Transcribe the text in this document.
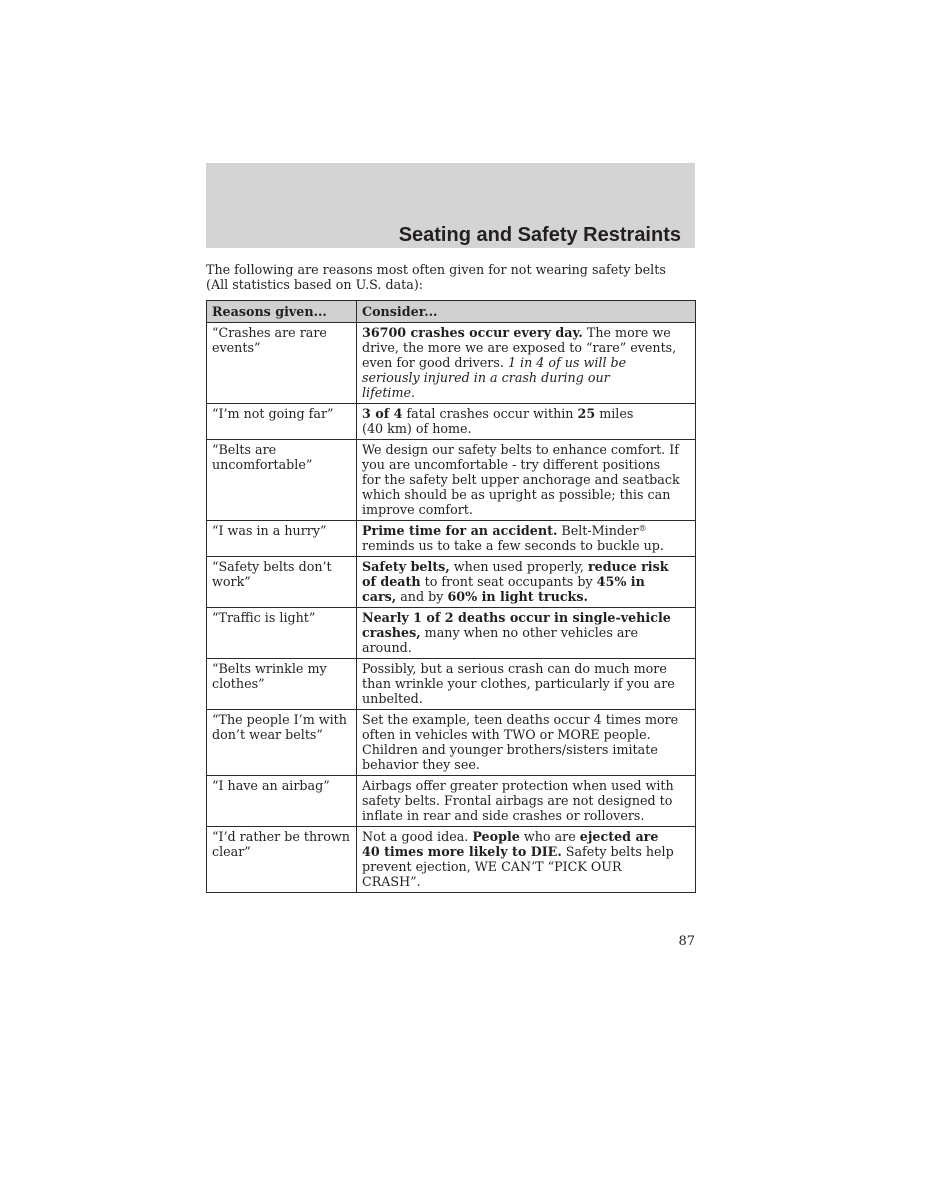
Seating and Safety Restraints
The following are reasons most often given for not wearing safety belts
(All statistics based on U.S. data):
Reasons given...	Consider...

“Crashes are rare
events”	36700 crashes occur every day. The more we
drive, the more we are exposed to “rare” events,
even for good drivers. 1 in 4 of us will be
seriously injured in a crash during our
lifetime.

“I’m not going far”	3 of 4 fatal crashes occur within 25 miles
(40 km) of home.

“Belts are
uncomfortable”	We design our safety belts to enhance comfort. If
you are uncomfortable - try different positions
for the safety belt upper anchorage and seatback
which should be as upright as possible; this can
improve comfort.

“I was in a hurry”	Prime time for an accident. Belt-Minder®
reminds us to take a few seconds to buckle up.

“Safety belts don’t
work”	Safety belts, when used properly, reduce risk
of death to front seat occupants by 45% in
cars, and by 60% in light trucks.

“Traffic is light”	Nearly 1 of 2 deaths occur in single-vehicle
crashes, many when no other vehicles are
around.

“Belts wrinkle my
clothes”	Possibly, but a serious crash can do much more
than wrinkle your clothes, particularly if you are
unbelted.

“The people I’m with
don’t wear belts”	Set the example, teen deaths occur 4 times more
often in vehicles with TWO or MORE people.
Children and younger brothers/sisters imitate
behavior they see.

“I have an airbag”	Airbags offer greater protection when used with
safety belts. Frontal airbags are not designed to
inflate in rear and side crashes or rollovers.

“I’d rather be thrown
clear”	Not a good idea. People who are ejected are
40 times more likely to DIE. Safety belts help
prevent ejection, WE CAN’T “PICK OUR
CRASH”.
87
